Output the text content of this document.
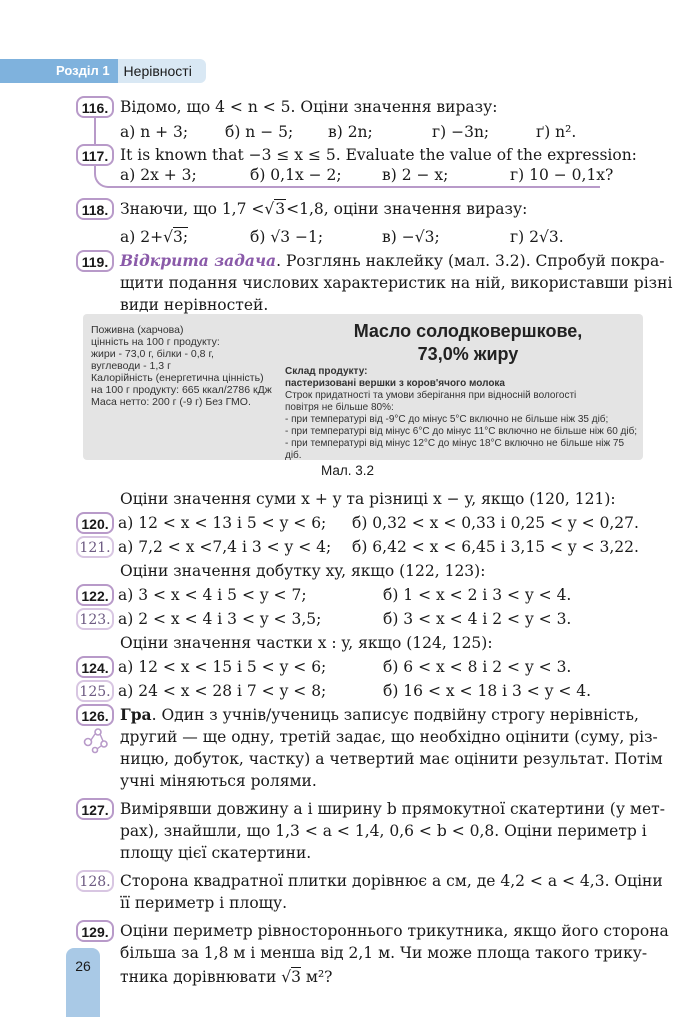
Розділ 1	Нерівності
116. Відомо, що 4 < n < 5. Оціни значення виразу:
а) n + 3; б) n − 5; в) 2n;	г) −3n;	ґ) n².
117. It is known that −3 ≤ x ≤ 5. Evaluate the value of the expression:
а) 2x + 3;	б) 0,1x − 2;	в) 2 − x;	г) 10 − 0,1x?
118. Знаючи, що 1,7 <√3<1,8, оціни значення виразу:
а) 2+√3;	б) √3 −1;	в) −√3;	г) 2√3.
119. Відкрита задача. Розглянь наклейку (мал. 3.2). Спробуй покра-
щити подання числових характеристик на ній, використавши різні
види нерівностей.
Поживна (харчова)
цінність на 100 г продукту:
жири - 73,0 г, білки - 0,8 г,
вуглеводи - 1,3 г
Калорійність (енергетична цінність)
на 100 г продукту: 665 ккал/2786 кДж
Маса нетто: 200 г (-9 г) Без ГМО.
Масло солодковершкове,
73,0% жиру
Склад продукту:
пастеризовані вершки з коров'ячого молока
Строк придатності та умови зберігання при відносній вологості
повітря не більше 80%:
- при температурі від -9°С до мінус 5°С включно не більше ніж 35 діб;
- при температурі від мінус 6°С до мінус 11°С включно не більше ніж 60 діб;
- при температурі від мінус 12°С до мінус 18°С включно не більше ніж 75 діб.
Мал. 3.2
Оціни значення суми x + y та різниці x − y, якщо (120, 121):
120. а) 12 < x < 13 і 5 < y < 6; б) 0,32 < x < 0,33 і 0,25 < y < 0,27.
121. а) 7,2 < x <7,4 і 3 < y < 4; б) 6,42 < x < 6,45 і 3,15 < y < 3,22.
Оціни значення добутку xy, якщо (122, 123):
122. а) 3 < x < 4 і 5 < y < 7;	б) 1 < x < 2 і 3 < y < 4.
123. а) 2 < x < 4 і 3 < y < 3,5;	б) 3 < x < 4 і 2 < y < 3.
Оціни значення частки x : y, якщо (124, 125):
124. а) 12 < x < 15 і 5 < y < 6;	б) 6 < x < 8 і 2 < y < 3.
125. а) 24 < x < 28 і 7 < y < 8;	б) 16 < x < 18 і 3 < y < 4.
126. Гра. Один з учнів/учениць записує подвійну строгу нерівність,
другий — ще одну, третій задає, що необхідно оцінити (суму, різ-
ницю, добуток, частку) а четвертий має оцінити результат. Потім
учні міняються ролями.
127. Вимірявши довжину a і ширину b прямокутної скатертини (у мет-
рах), знайшли, що 1,3 < a < 1,4, 0,6 < b < 0,8. Оціни периметр і
площу цієї скатертини.
128. Сторона квадратної плитки дорівнює a см, де 4,2 < a < 4,3. Оціни
її периметр і площу.
129. Оціни периметр рівностороннього трикутника, якщо його сторона
більша за 1,8 м і менша від 2,1 м. Чи може площа такого трику-
тника дорівнювати √3 м²?
26
